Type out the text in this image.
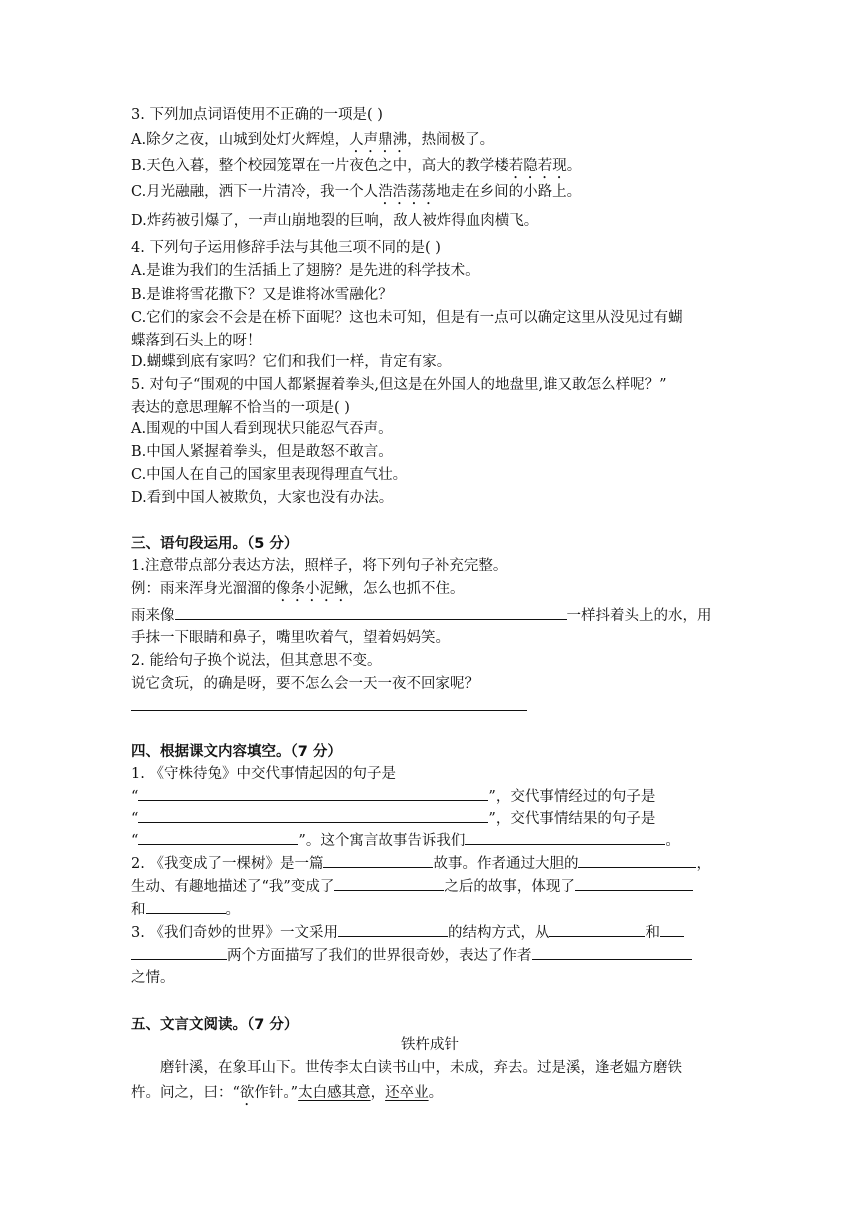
3. 下列加点词语使用不正确的一项是( )
A.除夕之夜，山城到处灯火辉煌，人声鼎沸，热闹极了。
B.天色入暮，整个校园笼罩在一片夜色之中，高大的教学楼若隐若现。
C.月光融融，洒下一片清冷，我一个人浩浩荡荡地走在乡间的小路上。
D.炸药被引爆了，一声山崩地裂的巨响，敌人被炸得血肉横飞。
4. 下列句子运用修辞手法与其他三项不同的是( )
A.是谁为我们的生活插上了翅膀？是先进的科学技术。
B.是谁将雪花撒下？又是谁将冰雪融化？
C.它们的家会不会是在桥下面呢？这也未可知，但是有一点可以确定这里从没见过有蝴
蝶落到石头上的呀！
D.蝴蝶到底有家吗？它们和我们一样，肯定有家。
5. 对句子“围观的中国人都紧握着拳头,但这是在外国人的地盘里,谁又敢怎么样呢？”
表达的意思理解不恰当的一项是( )
A.围观的中国人看到现状只能忍气吞声。
B.中国人紧握着拳头，但是敢怒不敢言。
C.中国人在自己的国家里表现得理直气壮。
D.看到中国人被欺负，大家也没有办法。
三、语句段运用。（5 分）
1.注意带点部分表达方法，照样子，将下列句子补充完整。
例：雨来浑身光溜溜的像条小泥鳅，怎么也抓不住。
雨来像	一样抖着头上的水，用
手抹一下眼睛和鼻子，嘴里吹着气，望着妈妈笑。
2. 能给句子换个说法，但其意思不变。
说它贪玩，的确是呀，要不怎么会一天一夜不回家呢？
四、根据课文内容填空。（7 分）
1. 《守株待兔》中交代事情起因的句子是
“	”，交代事情经过的句子是
“	”，交代事情结果的句子是
“	”。这个寓言故事告诉我们	。
2. 《我变成了一棵树》是一篇	故事。作者通过大胆的	，
生动、有趣地描述了“我”变成了	之后的故事，体现了
和	。
3. 《我们奇妙的世界》一文采用	的结构方式，从	和
两个方面描写了我们的世界很奇妙，表达了作者
之情。
五、文言文阅读。（7 分）
铁杵成针
磨针溪，在象耳山下。世传李太白读书山中，未成，弃去。过是溪，逢老媪方磨铁
杵。问之，曰：“欲作针。”太白感其意，还卒业。
